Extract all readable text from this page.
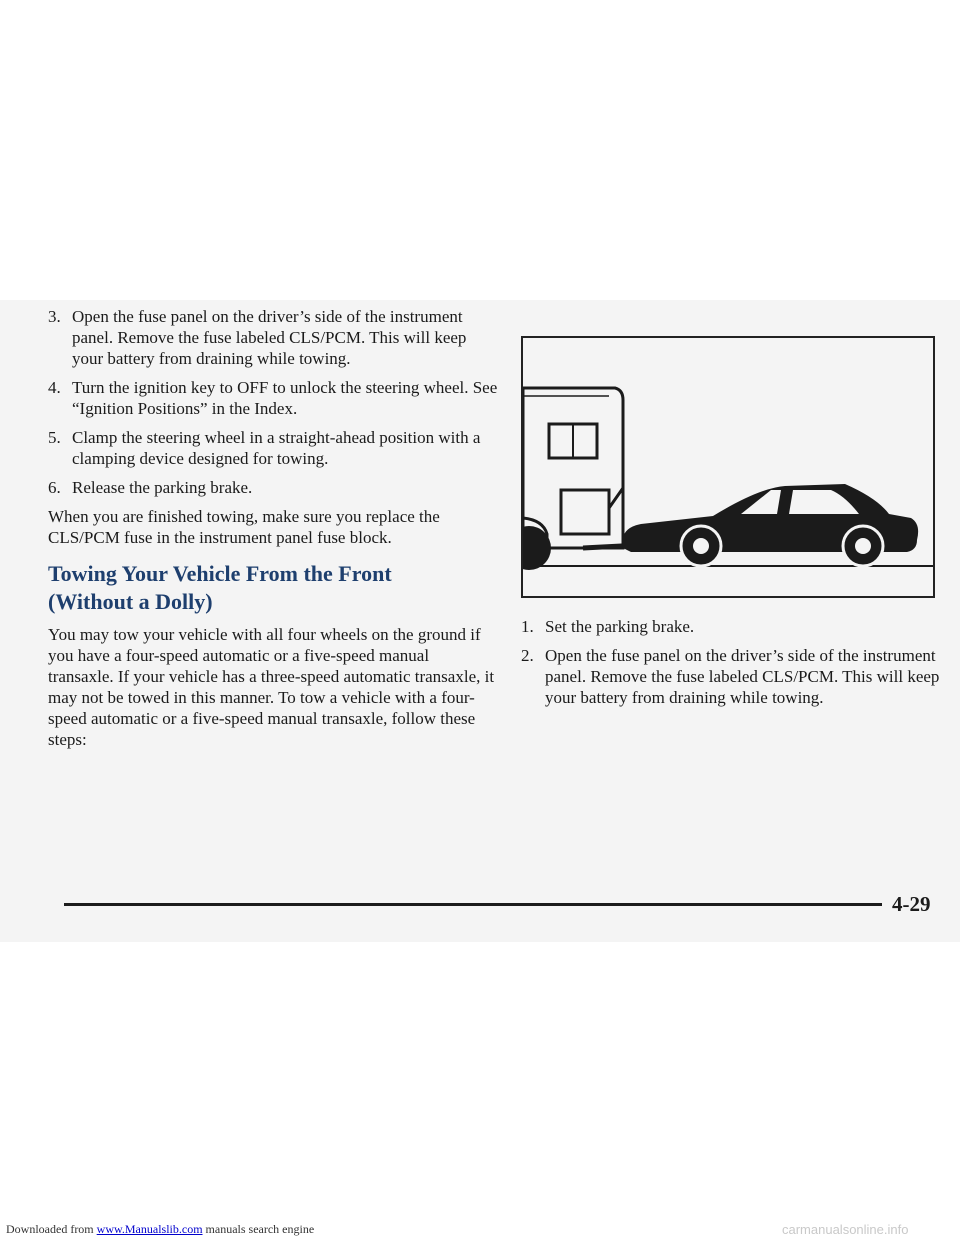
3. Open the fuse panel on the driver’s side of the instrument panel. Remove the fuse labeled CLS/PCM. This will keep your battery from draining while towing.
4. Turn the ignition key to OFF to unlock the steering wheel. See “Ignition Positions” in the Index.
5. Clamp the steering wheel in a straight-ahead position with a clamping device designed for towing.
6. Release the parking brake.

When you are finished towing, make sure you replace the CLS/PCM fuse in the instrument panel fuse block.

Towing Your Vehicle From the Front (Without a Dolly)

You may tow your vehicle with all four wheels on the ground if you have a four-speed automatic or a five-speed manual transaxle. If your vehicle has a three-speed automatic transaxle, it may not be towed in this manner. To tow a vehicle with a four-speed automatic or a five-speed manual transaxle, follow these steps:

1. Set the parking brake.
2. Open the fuse panel on the driver’s side of the instrument panel. Remove the fuse labeled CLS/PCM. This will keep your battery from draining while towing.
4-29
Downloaded from www.Manualslib.com manuals search engine	carmanualsonline.info
